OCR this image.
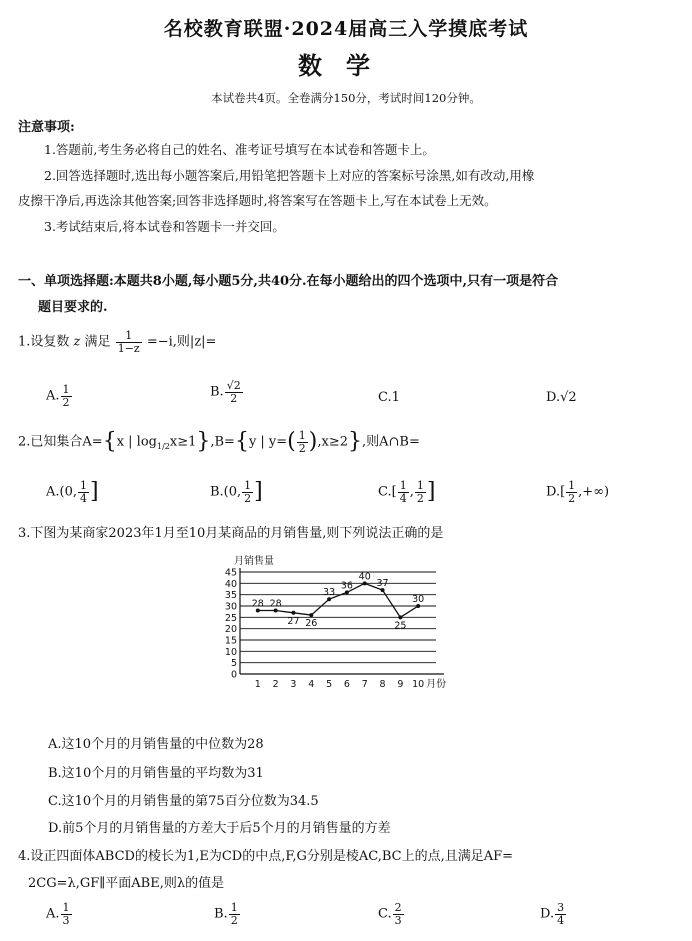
名校教育联盟·2024届高三入学摸底考试
数学
本试卷共4页。全卷满分150分，考试时间120分钟。
注意事项:
1.答题前,考生务必将自己的姓名、准考证号填写在本试卷和答题卡上。
2.回答选择题时,选出每小题答案后,用铅笔把答题卡上对应的答案标号涂黑,如有改动,用橡
皮擦干净后,再选涂其他答案;回答非选择题时,将答案写在答题卡上,写在本试卷上无效。
3.考试结束后,将本试卷和答题卡一并交回。
一、单项选择题:本题共8小题,每小题5分,共40分.在每小题给出的四个选项中,只有一项是符合
题目要求的.
1.设复数 z 满足 $\frac{1}{1-z} =-i$,则|z|=
A. $\frac{1}{2}$	B. $\frac{√2}{2}$	C.1	D.√2
2.已知集合A={x | $\log_{1/2}x\ge 1\},B=\{y$ | $y=( \frac{1}{2} ),x\ge 2$},则A∩B=
A.(0, $\frac{1}{4}$ ]	B.(0, $\frac{1}{2}$ ]	$C.[ \frac{1}{4}$ , $\frac{1}{2}$ ]	$D.[ \frac{1}{2}$ ,+∞)
3.下图为某商家2023年1月至10月某商品的月销售量,则下列说法正确的是
月销售量
0
5
10
15
20
25
30
35
40
45
1 2 3 4 5 6 7 8 9 10 月份
28 28
27 26
33
36
40
37
25
30
A.这10个月的月销售量的中位数为28
B.这10个月的月销售量的平均数为31
C.这10个月的月销售量的第75百分位数为34.5
D.前5个月的月销售量的方差大于后5个月的月销售量的方差
4.设正四面体ABCD的棱长为1,E为CD的中点,F,G分别是棱AC,BC上的点,且满足AF=
2CG=λ,GF∥平面ABE,则λ的值是
A. $\frac{1}{3}$	B. $\frac{1}{2}$	C. $\frac{2}{3}$	D. $\frac{3}{4}$
